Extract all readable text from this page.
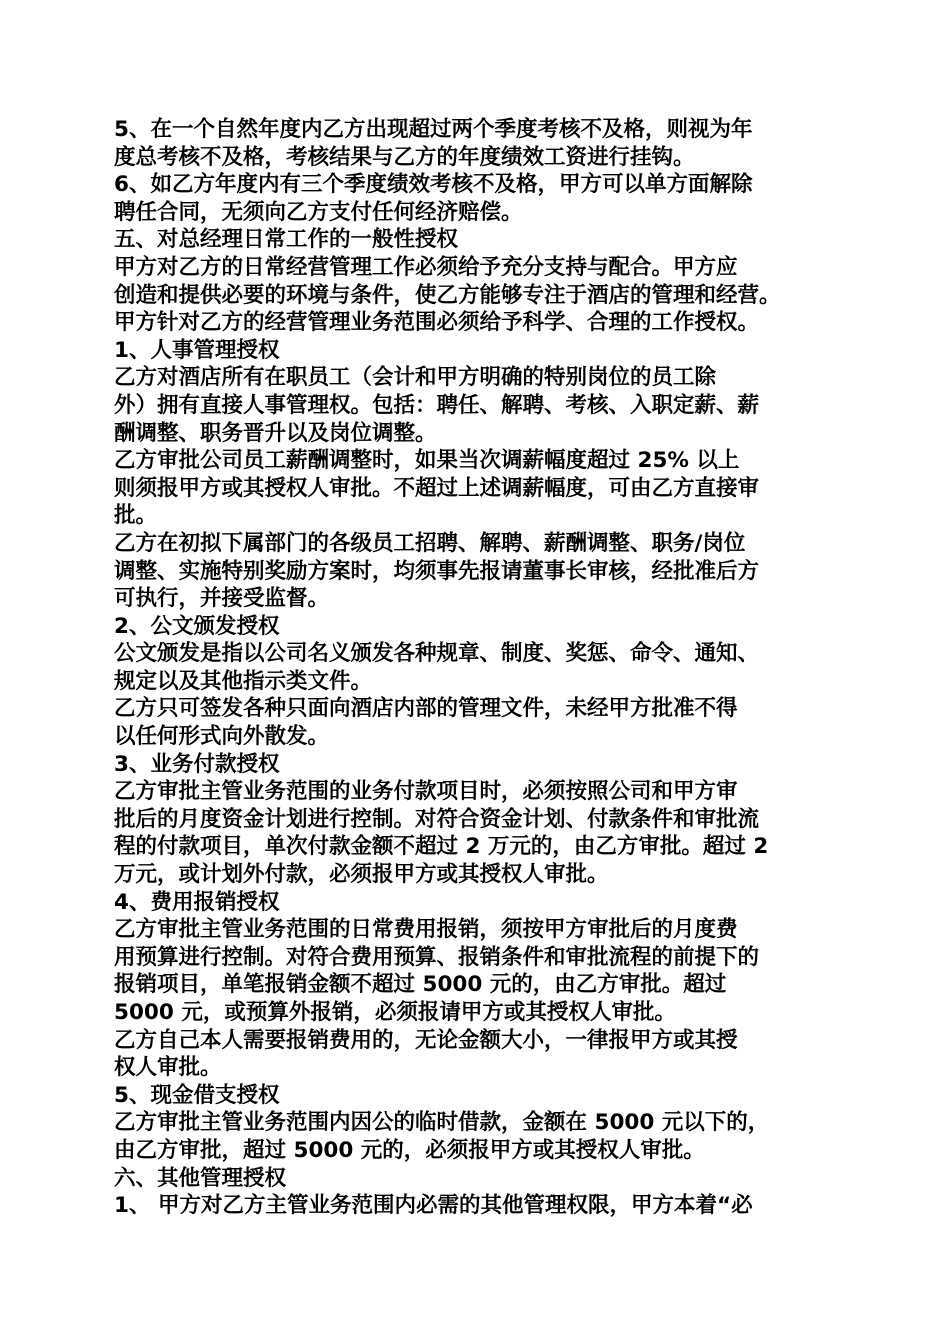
5、在一个自然年度内乙方出现超过两个季度考核不及格，则视为年
度总考核不及格，考核结果与乙方的年度绩效工资进行挂钩。
6、如乙方年度内有三个季度绩效考核不及格，甲方可以单方面解除
聘任合同，无须向乙方支付任何经济赔偿。
五、对总经理日常工作的一般性授权
甲方对乙方的日常经营管理工作必须给予充分支持与配合。甲方应
创造和提供必要的环境与条件，使乙方能够专注于酒店的管理和经营。
甲方针对乙方的经营管理业务范围必须给予科学、合理的工作授权。
1、人事管理授权
乙方对酒店所有在职员工（会计和甲方明确的特别岗位的员工除
外）拥有直接人事管理权。包括：聘任、解聘、考核、入职定薪、薪
酬调整、职务晋升以及岗位调整。
乙方审批公司员工薪酬调整时，如果当次调薪幅度超过 25% 以上
则须报甲方或其授权人审批。不超过上述调薪幅度，可由乙方直接审
批。
乙方在初拟下属部门的各级员工招聘、解聘、薪酬调整、职务/岗位
调整、实施特别奖励方案时，均须事先报请董事长审核，经批准后方
可执行，并接受监督。
2、公文颁发授权
公文颁发是指以公司名义颁发各种规章、制度、奖惩、命令、通知、
规定以及其他指示类文件。
乙方只可签发各种只面向酒店内部的管理文件，未经甲方批准不得
以任何形式向外散发。
3、业务付款授权
乙方审批主管业务范围的业务付款项目时，必须按照公司和甲方审
批后的月度资金计划进行控制。对符合资金计划、付款条件和审批流
程的付款项目，单次付款金额不超过 2 万元的，由乙方审批。超过 2
万元，或计划外付款，必须报甲方或其授权人审批。
4、费用报销授权
乙方审批主管业务范围的日常费用报销，须按甲方审批后的月度费
用预算进行控制。对符合费用预算、报销条件和审批流程的前提下的
报销项目，单笔报销金额不超过 5000 元的，由乙方审批。超过
5000 元，或预算外报销，必须报请甲方或其授权人审批。
乙方自己本人需要报销费用的，无论金额大小，一律报甲方或其授
权人审批。
5、现金借支授权
乙方审批主管业务范围内因公的临时借款，金额在 5000 元以下的，
由乙方审批，超过 5000 元的，必须报甲方或其授权人审批。
六、其他管理授权
1、 甲方对乙方主管业务范围内必需的其他管理权限，甲方本着“必
